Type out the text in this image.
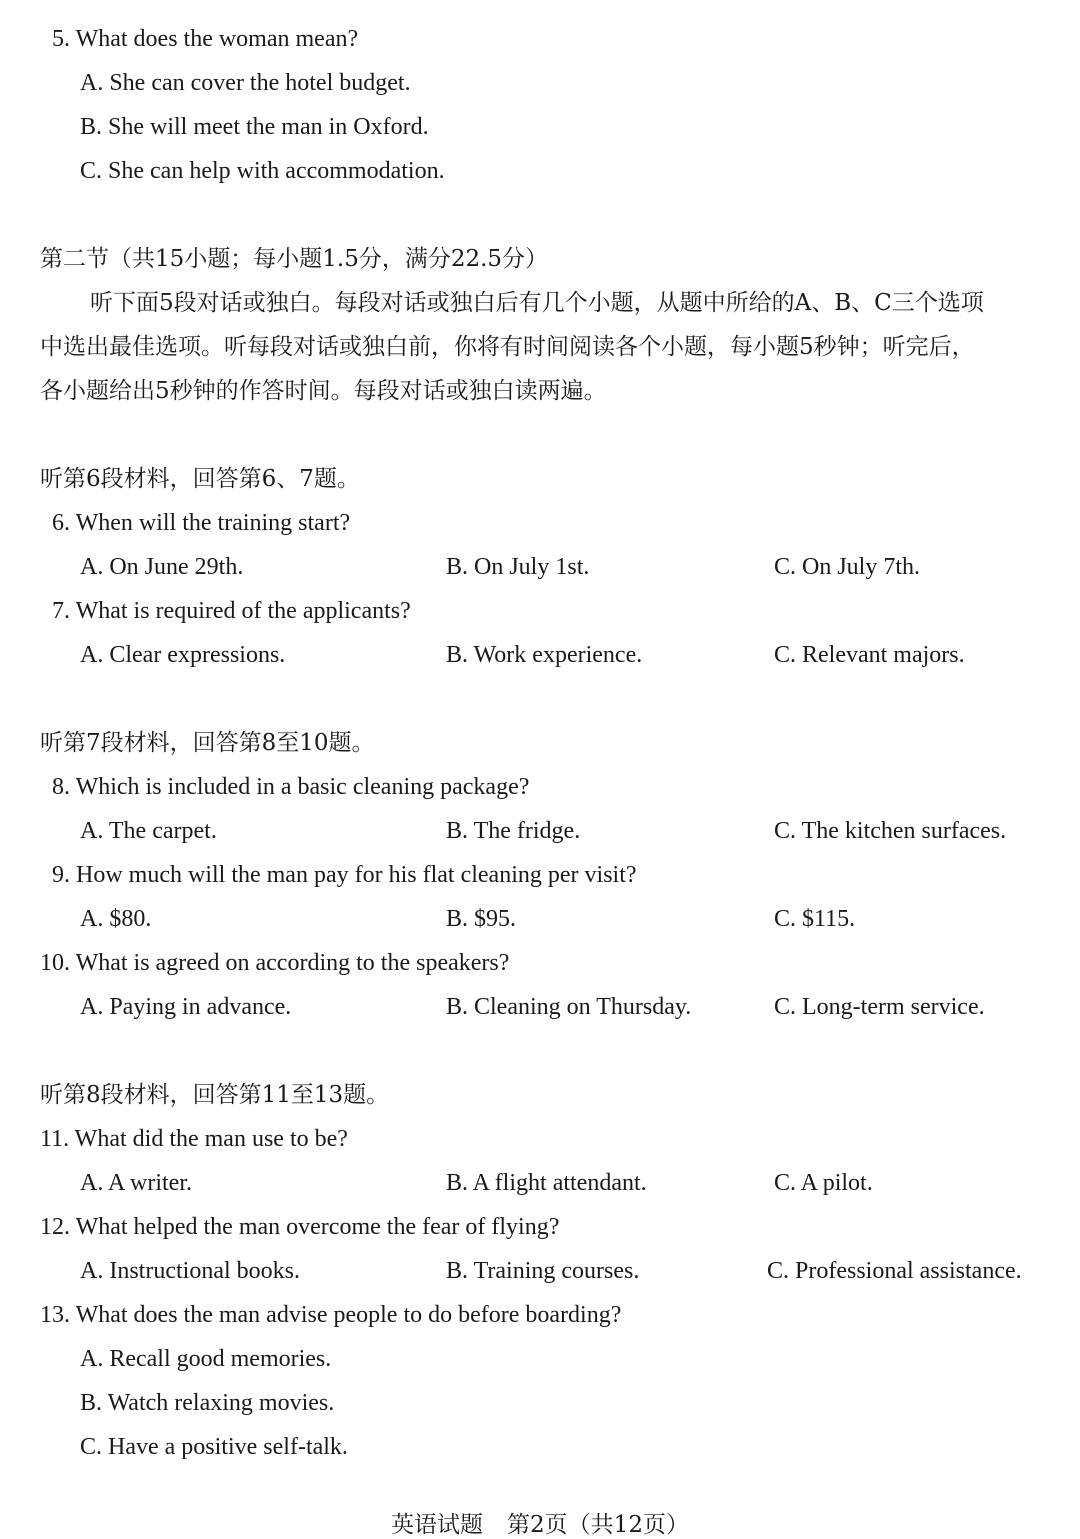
5. What does the woman mean?
A. She can cover the hotel budget.
B. She will meet the man in Oxford.
C. She can help with accommodation.
第二节（共15小题；每小题1.5分，满分22.5分）
听下面5段对话或独白。每段对话或独白后有几个小题，从题中所给的A、B、C三个选项
中选出最佳选项。听每段对话或独白前，你将有时间阅读各个小题，每小题5秒钟；听完后，
各小题给出5秒钟的作答时间。每段对话或独白读两遍。
听第6段材料，回答第6、7题。
6. When will the training start?
A. On June 29th.	B. On July 1st.	C. On July 7th.
7. What is required of the applicants?
A. Clear expressions.	B. Work experience.	C. Relevant majors.
听第7段材料，回答第8至10题。
8. Which is included in a basic cleaning package?
A. The carpet.	B. The fridge.	C. The kitchen surfaces.
9. How much will the man pay for his flat cleaning per visit?
A. $80.	B. $95.	C. $115.
10. What is agreed on according to the speakers?
A. Paying in advance.	B. Cleaning on Thursday.	C. Long-term service.
听第8段材料，回答第11至13题。
11. What did the man use to be?
A. A writer.	B. A flight attendant.	C. A pilot.
12. What helped the man overcome the fear of flying?
A. Instructional books.	B. Training courses.	C. Professional assistance.
13. What does the man advise people to do before boarding?
A. Recall good memories.
B. Watch relaxing movies.
C. Have a positive self-talk.
英语试题 第2页（共12页）
